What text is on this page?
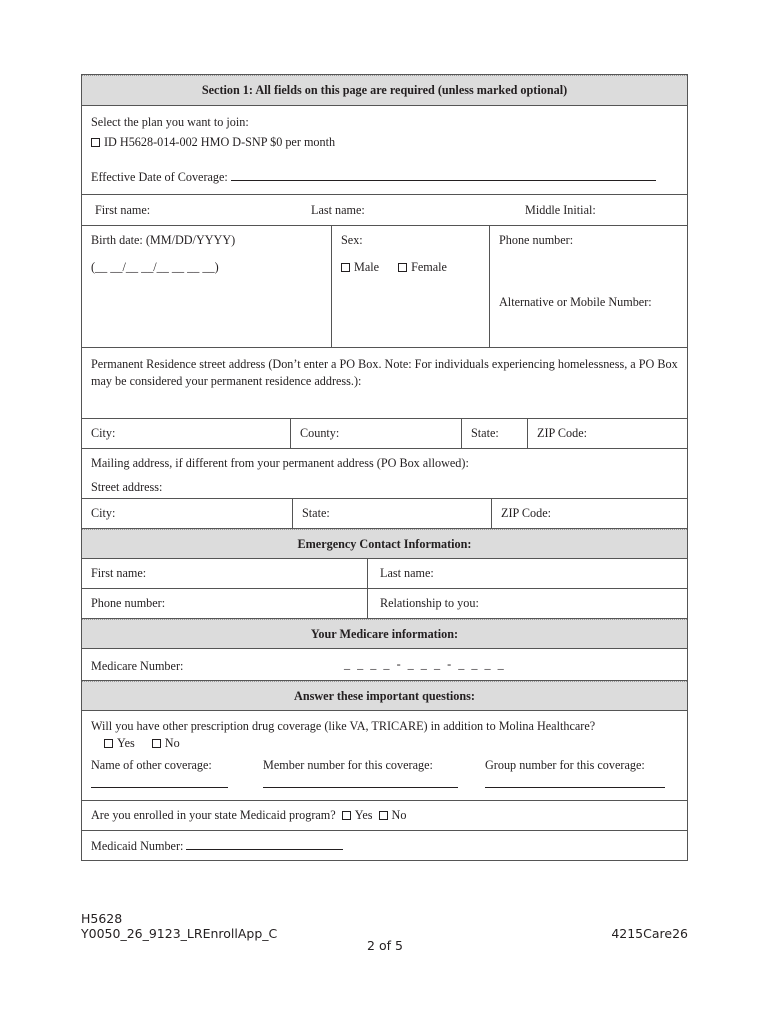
Section 1: All fields on this page are required (unless marked optional)
Select the plan you want to join:
ID H5628-014-002 HMO D-SNP $0 per month
Effective Date of Coverage:
First name:	Last name:	Middle Initial:
Birth date: (MM/DD/YYYY)
(__ __/__ __/__ __ __ __)
Sex:
Male	Female
Phone number:
Alternative or Mobile Number:
Permanent Residence street address (Don’t enter a PO Box. Note: For individuals experiencing homelessness, a PO Box may be considered your permanent residence address.):
City:	County:	State:	ZIP Code:
Mailing address, if different from your permanent address (PO Box allowed):
Street address:
City:	State:	ZIP Code:
Emergency Contact Information:
First name:	Last name:
Phone number:	Relationship to you:
Your Medicare information:
Medicare Number:	_ _ _ _ - _ _ _ - _ _ _ _
Answer these important questions:
Will you have other prescription drug coverage (like VA, TRICARE) in addition to Molina Healthcare?
Yes No
Name of other coverage:	Member number for this coverage:	Group number for this coverage:
Are you enrolled in your state Medicaid program? Yes No
Medicaid Number:
H5628
Y0050_26_9123_LREnrollApp_C
2 of 5
4215Care26
